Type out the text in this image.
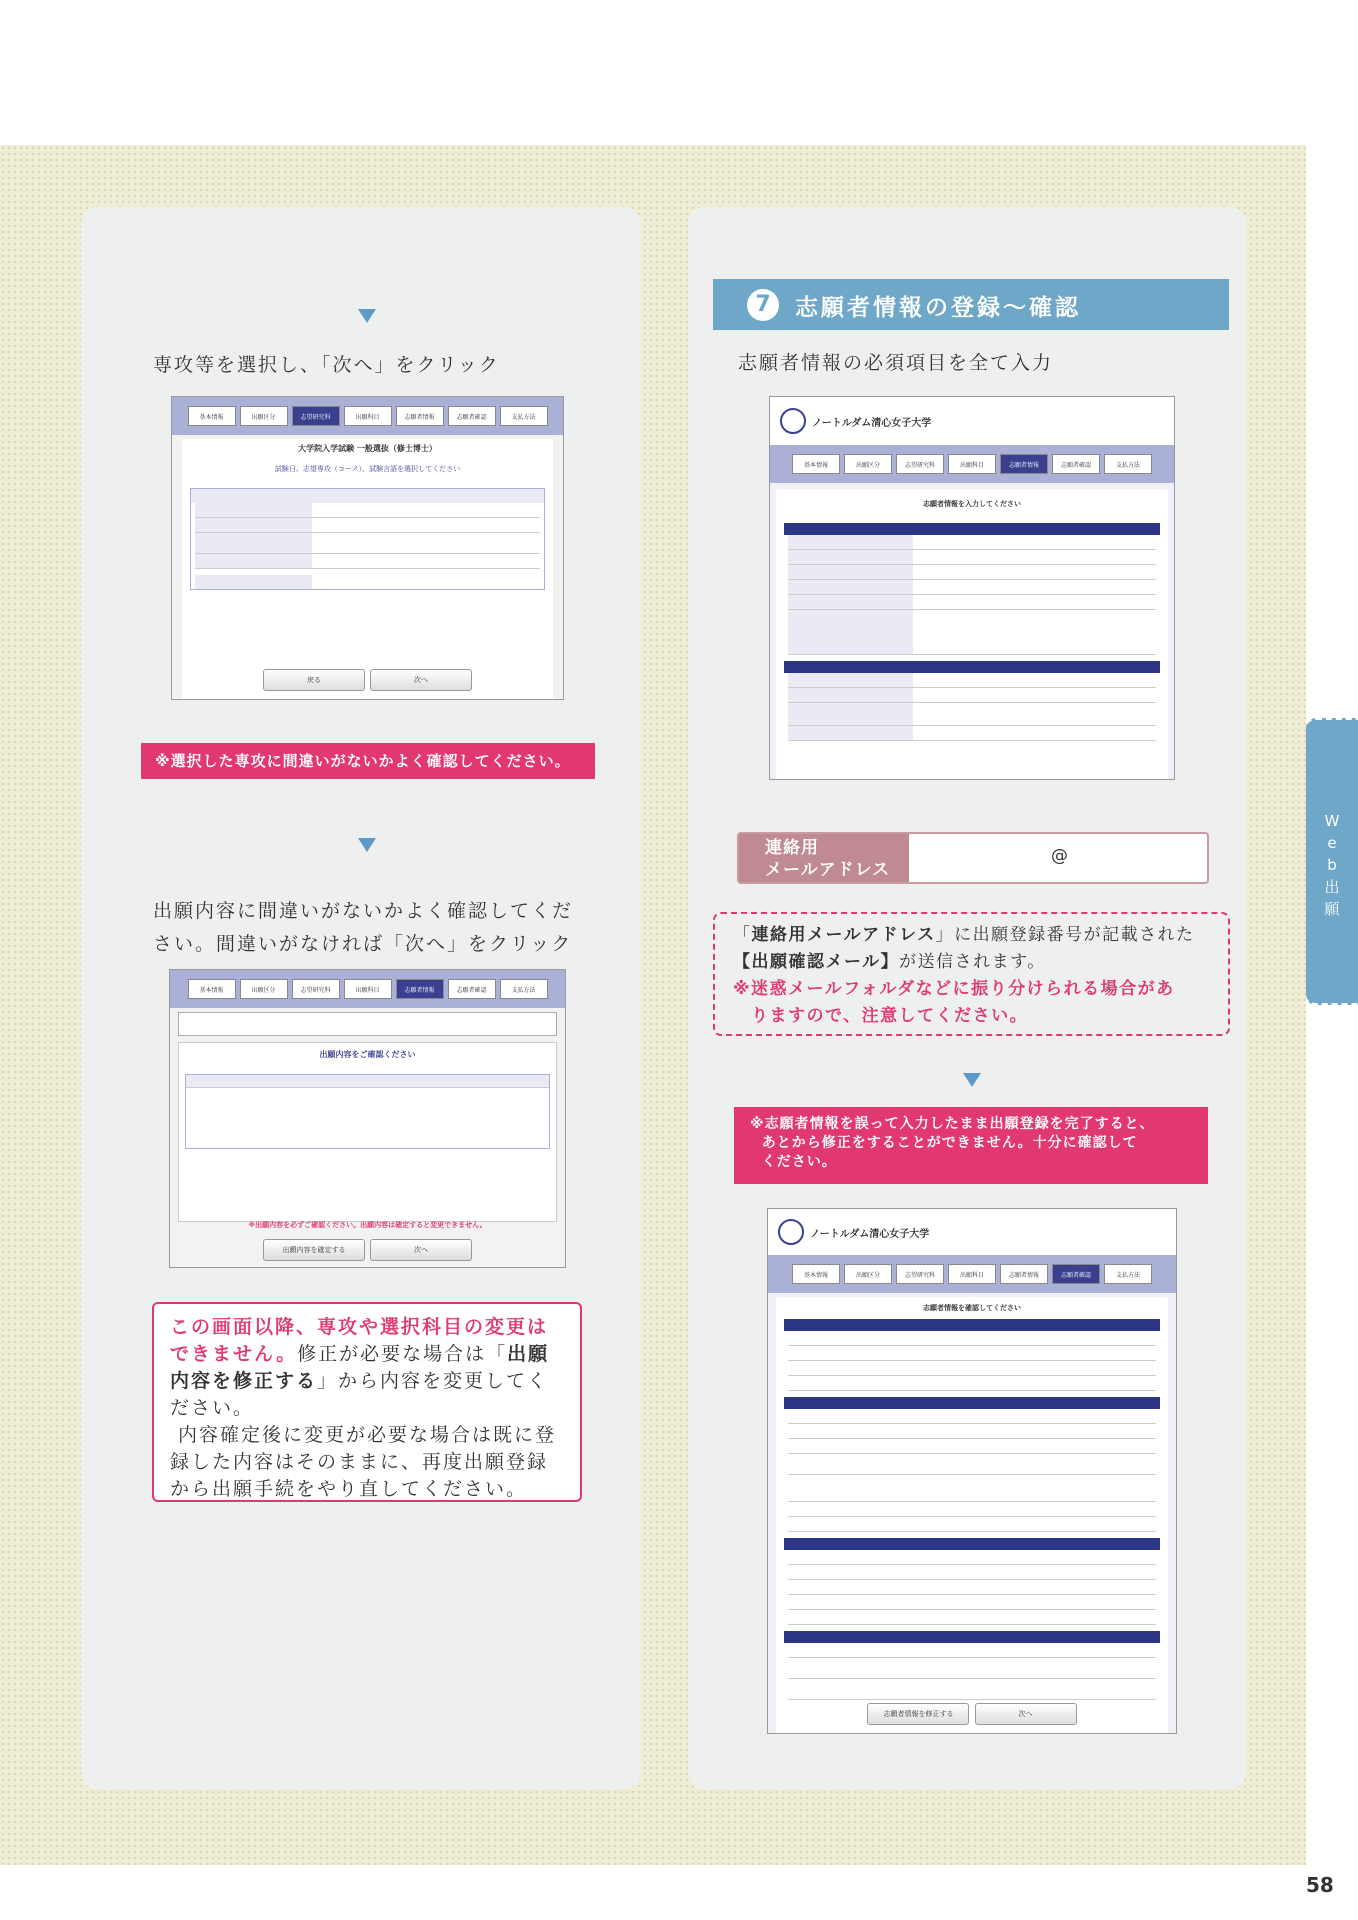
専攻等を選択し、「次へ」をクリック
基本情報	出願区分	志望研究科	出願科目	志願者情報	志願者確認	支払方法
大学院入学試験 一般選抜（修士博士）
試験日、志望専攻（コース）、試験言語を選択してください
戻る	次へ
※選択した専攻に間違いがないかよく確認してください。
出願内容に間違いがないかよく確認してくだ
さい。間違いがなければ「次へ」をクリック
基本情報	出願区分	志望研究科	出願科目	志願者情報	志願者確認	支払方法
出願内容をご確認ください
※出願内容を必ずご確認ください。出願内容は確定すると変更できません。
出願内容を確定する	次へ
この画面以降、専攻や選択科目の変更はできません。修正が必要な場合は「出願内容を修正する」から内容を変更してください。
内容確定後に変更が必要な場合は既に登録した内容はそのままに、再度出願登録から出願手続をやり直してください。
7	志願者情報の登録～確認
志願者情報の必須項目を全て入力
ノートルダム清心女子大学
基本情報	出願区分	志望研究科	出願科目	志願者情報	志願者確認	支払方法
志願者情報を入力してください
連絡用
メールアドレス
@
「連絡用メールアドレス」に出願登録番号が記載された
【出願確認メール】が送信されます。
※迷惑メールフォルダなどに振り分けられる場合があ
りますので、注意してください。
※志願者情報を誤って入力したまま出願登録を完了すると、
あとから修正をすることができません。十分に確認して
ください。
ノートルダム清心女子大学
基本情報	出願区分	志望研究科	出願科目	志願者情報	志願者確認	支払方法
志願者情報を確認してください
志願者情報を修正する	次へ
W
e
b
出
願
58
